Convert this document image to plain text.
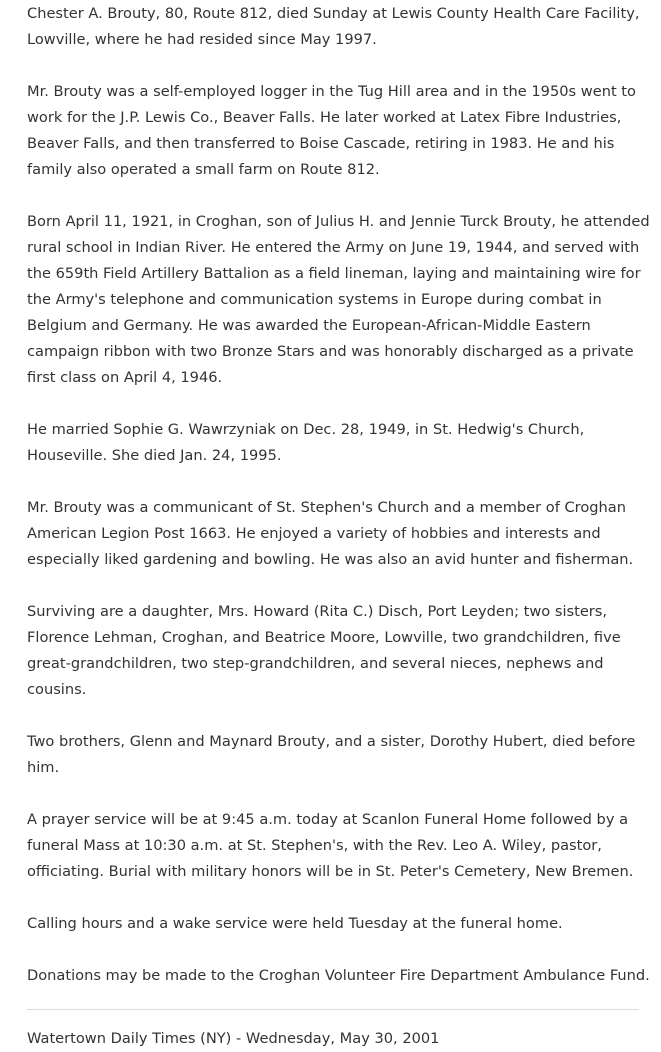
Chester A. Brouty, 80, Route 812, died Sunday at Lewis County Health Care Facility, Lowville, where he had resided since May 1997.

Mr. Brouty was a self-employed logger in the Tug Hill area and in the 1950s went to work for the J.P. Lewis Co., Beaver Falls. He later worked at Latex Fibre Industries, Beaver Falls, and then transferred to Boise Cascade, retiring in 1983. He and his family also operated a small farm on Route 812.

Born April 11, 1921, in Croghan, son of Julius H. and Jennie Turck Brouty, he attended rural school in Indian River. He entered the Army on June 19, 1944, and served with the 659th Field Artillery Battalion as a field lineman, laying and maintaining wire for the Army's telephone and communication systems in Europe during combat in Belgium and Germany. He was awarded the European-African-Middle Eastern campaign ribbon with two Bronze Stars and was honorably discharged as a private first class on April 4, 1946.

He married Sophie G. Wawrzyniak on Dec. 28, 1949, in St. Hedwig's Church, Houseville. She died Jan. 24, 1995.

Mr. Brouty was a communicant of St. Stephen's Church and a member of Croghan American Legion Post 1663. He enjoyed a variety of hobbies and interests and especially liked gardening and bowling. He was also an avid hunter and fisherman.

Surviving are a daughter, Mrs. Howard (Rita C.) Disch, Port Leyden; two sisters, Florence Lehman, Croghan, and Beatrice Moore, Lowville, two grandchildren, five great-grandchildren, two step-grandchildren, and several nieces, nephews and cousins.

Two brothers, Glenn and Maynard Brouty, and a sister, Dorothy Hubert, died before him.

A prayer service will be at 9:45 a.m. today at Scanlon Funeral Home followed by a funeral Mass at 10:30 a.m. at St. Stephen's, with the Rev. Leo A. Wiley, pastor, officiating. Burial with military honors will be in St. Peter's Cemetery, New Bremen.

Calling hours and a wake service were held Tuesday at the funeral home.

Donations may be made to the Croghan Volunteer Fire Department Ambulance Fund.

Watertown Daily Times (NY) - Wednesday, May 30, 2001
